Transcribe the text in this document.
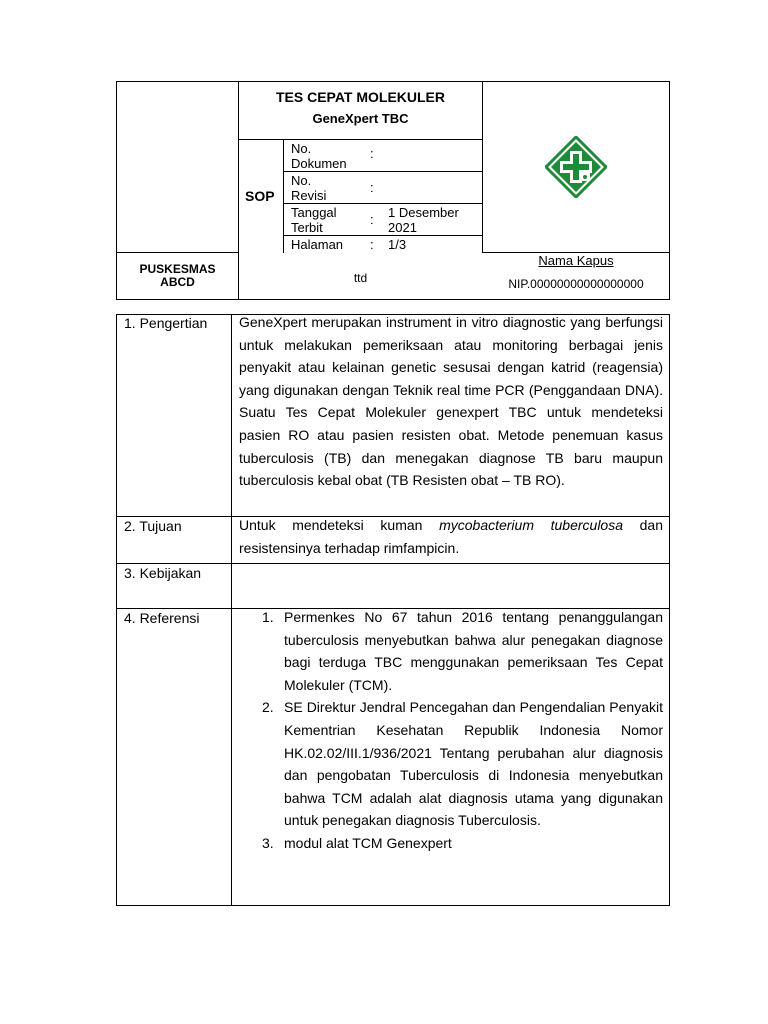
TES CEPAT MOLEKULER
GeneXpert TBC
SOP
No.
Dokumen
:
No.
Revisi
:
Tanggal
Terbit
: 1 Desember
2021
Halaman : 1/3
PUSKESMAS
ABCD	ttd
Nama Kapus
NIP.00000000000000000
1. Pengertian
2. Tujuan
3. Kebijakan
4. Referensi
GeneXpert merupakan instrument in vitro diagnostic yang berfungsi untuk melakukan pemeriksaan atau monitoring berbagai jenis penyakit atau kelainan genetic sesusai dengan katrid (reagensia) yang digunakan dengan Teknik real time PCR (Penggandaan DNA). Suatu Tes Cepat Molekuler genexpert TBC untuk mendeteksi pasien RO atau pasien resisten obat. Metode penemuan kasus tuberculosis (TB) dan menegakan diagnose TB baru maupun tuberculosis kebal obat (TB Resisten obat – TB RO).
Untuk mendeteksi kuman mycobacterium tuberculosa dan resistensinya terhadap rimfampicin.
1. Permenkes No 67 tahun 2016 tentang penanggulangan tuberculosis menyebutkan bahwa alur penegakan diagnose bagi terduga TBC menggunakan pemeriksaan Tes Cepat Molekuler (TCM).
2. SE Direktur Jendral Pencegahan dan Pengendalian Penyakit Kementrian Kesehatan Republik Indonesia Nomor HK.02.02/III.1/936/2021 Tentang perubahan alur diagnosis dan pengobatan Tuberculosis di Indonesia menyebutkan bahwa TCM adalah alat diagnosis utama yang digunakan untuk penegakan diagnosis Tuberculosis.
3. modul alat TCM Genexpert
